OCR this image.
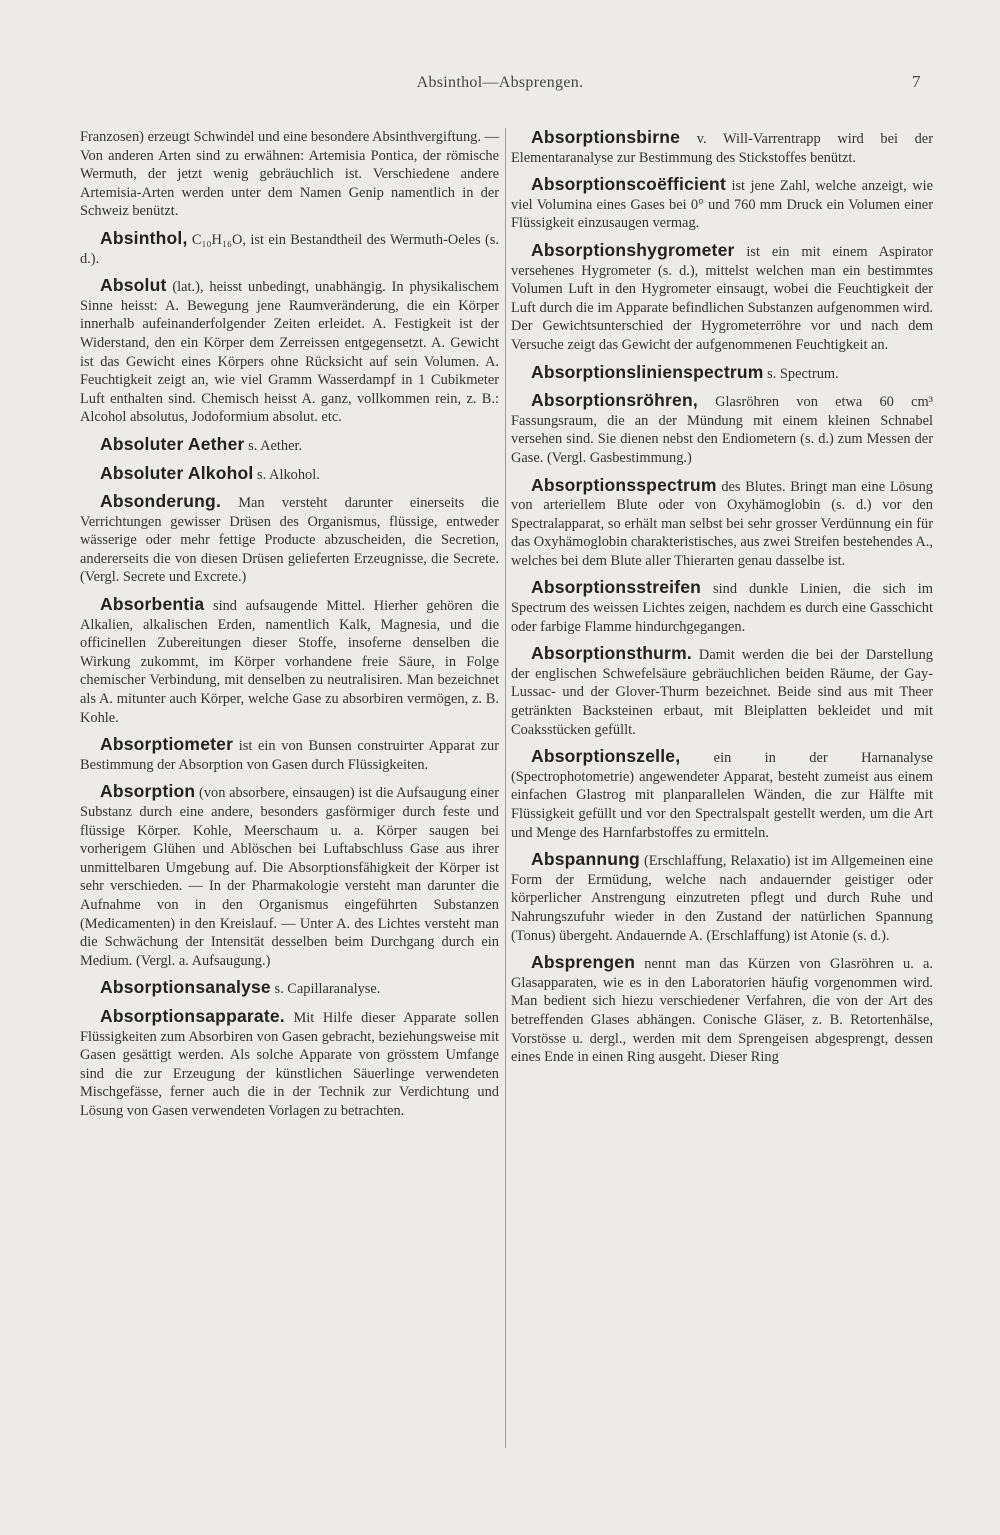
Absinthol—Absprengen.	7

Franzosen) erzeugt Schwindel und eine besondere Absinthvergiftung. — Von anderen Arten sind zu erwähnen: Artemisia Pontica, der römische Wermuth, der jetzt wenig gebräuchlich ist. Verschiedene andere Artemisia-Arten werden unter dem Namen Genip namentlich in der Schweiz benützt.

Absinthol, C₁₀H₁₆O, ist ein Bestandtheil des Wermuth-Oeles (s. d.).

Absolut (lat.), heisst unbedingt, unabhängig. In physikalischem Sinne heisst: A. Bewegung jene Raumveränderung, die ein Körper innerhalb aufeinanderfolgender Zeiten erleidet. A. Festigkeit ist der Widerstand, den ein Körper dem Zerreissen entgegensetzt. A. Gewicht ist das Gewicht eines Körpers ohne Rücksicht auf sein Volumen. A. Feuchtigkeit zeigt an, wie viel Gramm Wasserdampf in 1 Cubikmeter Luft enthalten sind. Chemisch heisst A. ganz, vollkommen rein, z. B.: Alcohol absolutus, Jodoformium absolut. etc.

Absoluter Aether s. Aether.

Absoluter Alkohol s. Alkohol.

Absonderung. Man versteht darunter einerseits die Verrichtungen gewisser Drüsen des Organismus, flüssige, entweder wässerige oder mehr fettige Producte abzuscheiden, die Secretion, andererseits die von diesen Drüsen gelieferten Erzeugnisse, die Secrete. (Vergl. Secrete und Excrete.)

Absorbentia sind aufsaugende Mittel. Hierher gehören die Alkalien, alkalischen Erden, namentlich Kalk, Magnesia, und die officinellen Zubereitungen dieser Stoffe, insoferne denselben die Wirkung zukommt, im Körper vorhandene freie Säure, in Folge chemischer Verbindung, mit denselben zu neutralisiren. Man bezeichnet als A. mitunter auch Körper, welche Gase zu absorbiren vermögen, z. B. Kohle.

Absorptiometer ist ein von Bunsen construirter Apparat zur Bestimmung der Absorption von Gasen durch Flüssigkeiten.

Absorption (von absorbere, einsaugen) ist die Aufsaugung einer Substanz durch eine andere, besonders gasförmiger durch feste und flüssige Körper. Kohle, Meerschaum u. a. Körper saugen bei vorherigem Glühen und Ablöschen bei Luftabschluss Gase aus ihrer unmittelbaren Umgebung auf. Die Absorptionsfähigkeit der Körper ist sehr verschieden. — In der Pharmakologie versteht man darunter die Aufnahme von in den Organismus eingeführten Substanzen (Medicamenten) in den Kreislauf. — Unter A. des Lichtes versteht man die Schwächung der Intensität desselben beim Durchgang durch ein Medium. (Vergl. a. Aufsaugung.)

Absorptionsanalyse s. Capillaranalyse.

Absorptionsapparate. Mit Hilfe dieser Apparate sollen Flüssigkeiten zum Absorbiren von Gasen gebracht, beziehungsweise mit Gasen gesättigt werden. Als solche Apparate von grösstem Umfange sind die zur Erzeugung der künstlichen Säuerlinge verwendeten Mischgefässe, ferner auch die in der Technik zur Verdichtung und Lösung von Gasen verwendeten Vorlagen zu betrachten.

Absorptionsbirne v. Will-Varrentrapp wird bei der Elementaranalyse zur Bestimmung des Stickstoffes benützt.

Absorptionscoëfficient ist jene Zahl, welche anzeigt, wie viel Volumina eines Gases bei 0° und 760 mm Druck ein Volumen einer Flüssigkeit einzusaugen vermag.

Absorptionshygrometer ist ein mit einem Aspirator versehenes Hygrometer (s. d.), mittelst welchen man ein bestimmtes Volumen Luft in den Hygrometer einsaugt, wobei die Feuchtigkeit der Luft durch die im Apparate befindlichen Substanzen aufgenommen wird. Der Gewichtsunterschied der Hygrometerröhre vor und nach dem Versuche zeigt das Gewicht der aufgenommenen Feuchtigkeit an.

Absorptionslinienspectrum s. Spectrum.

Absorptionsröhren, Glasröhren von etwa 60 cm³ Fassungsraum, die an der Mündung mit einem kleinen Schnabel versehen sind. Sie dienen nebst den Endiometern (s. d.) zum Messen der Gase. (Vergl. Gasbestimmung.)

Absorptionsspectrum des Blutes. Bringt man eine Lösung von arteriellem Blute oder von Oxyhämoglobin (s. d.) vor den Spectralapparat, so erhält man selbst bei sehr grosser Verdünnung ein für das Oxyhämoglobin charakteristisches, aus zwei Streifen bestehendes A., welches bei dem Blute aller Thierarten genau dasselbe ist.

Absorptionsstreifen sind dunkle Linien, die sich im Spectrum des weissen Lichtes zeigen, nachdem es durch eine Gasschicht oder farbige Flamme hindurchgegangen.

Absorptionsthurm. Damit werden die bei der Darstellung der englischen Schwefelsäure gebräuchlichen beiden Räume, der Gay-Lussac- und der Glover-Thurm bezeichnet. Beide sind aus mit Theer getränkten Backsteinen erbaut, mit Bleiplatten bekleidet und mit Coaksstücken gefüllt.

Absorptionszelle, ein in der Harnanalyse (Spectrophotometrie) angewendeter Apparat, besteht zumeist aus einem einfachen Glastrog mit planparallelen Wänden, die zur Hälfte mit Flüssigkeit gefüllt und vor den Spectralspalt gestellt werden, um die Art und Menge des Harnfarbstoffes zu ermitteln.

Abspannung (Erschlaffung, Relaxatio) ist im Allgemeinen eine Form der Ermüdung, welche nach andauernder geistiger oder körperlicher Anstrengung einzutreten pflegt und durch Ruhe und Nahrungszufuhr wieder in den Zustand der natürlichen Spannung (Tonus) übergeht. Andauernde A. (Erschlaffung) ist Atonie (s. d.).

Absprengen nennt man das Kürzen von Glasröhren u. a. Glasapparaten, wie es in den Laboratorien häufig vorgenommen wird. Man bedient sich hiezu verschiedener Verfahren, die von der Art des betreffenden Glases abhängen. Conische Gläser, z. B. Retortenhälse, Vorstösse u. dergl., werden mit dem Sprengeisen abgesprengt, dessen eines Ende in einen Ring ausgeht. Dieser Ring
